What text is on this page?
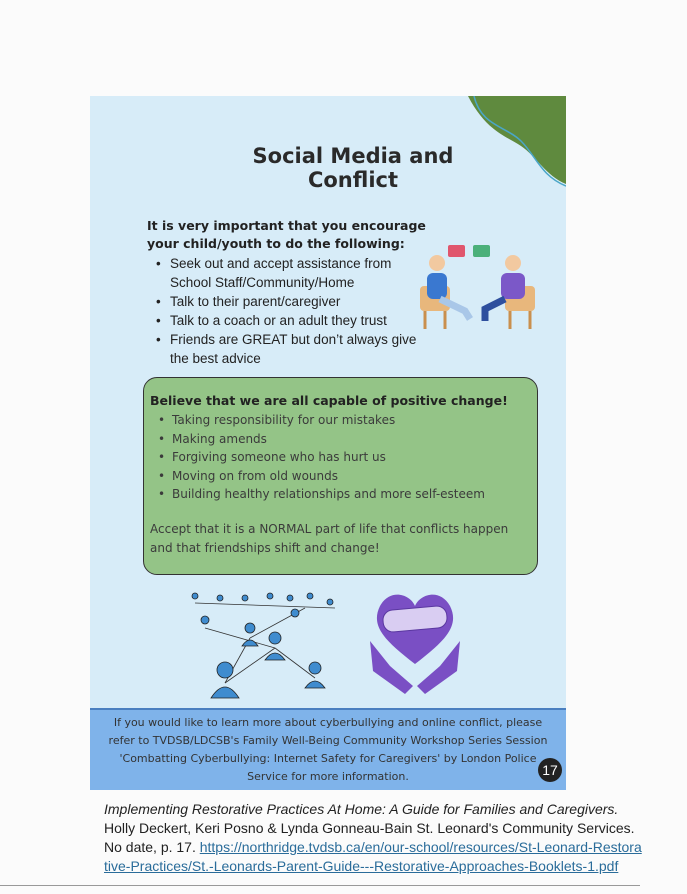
Social Media and
Conflict
It is very important that you encourage
your child/youth to do the following:
• Seek out and accept assistance from School Staff/Community/Home
• Talk to their parent/caregiver
• Talk to a coach or an adult they trust
• Friends are GREAT but don’t always give the best advice
Believe that we are all capable of positive change!
• Taking responsibility for our mistakes
• Making amends
• Forgiving someone who has hurt us
• Moving on from old wounds
• Building healthy relationships and more self-esteem
Accept that it is a NORMAL part of life that conflicts happen and that friendships shift and change!
If you would like to learn more about cyberbullying and online conflict, please
refer to TVDSB/LDCSB's Family Well-Being Community Workshop Series Session
'Combatting Cyberbullying: Internet Safety for Caregivers' by London Police
Service for more information.	17
Implementing Restorative Practices At Home: A Guide for Families and Caregivers.
Holly Deckert, Keri Posno & Lynda Gonneau-Bain St. Leonard's Community Services.
No date, p. 17. https://northridge.tvdsb.ca/en/our-school/resources/St-Leonard-Restorative-Practices/St.-Leonards-Parent-Guide---Restorative-Approaches-Booklets-1.pdf
